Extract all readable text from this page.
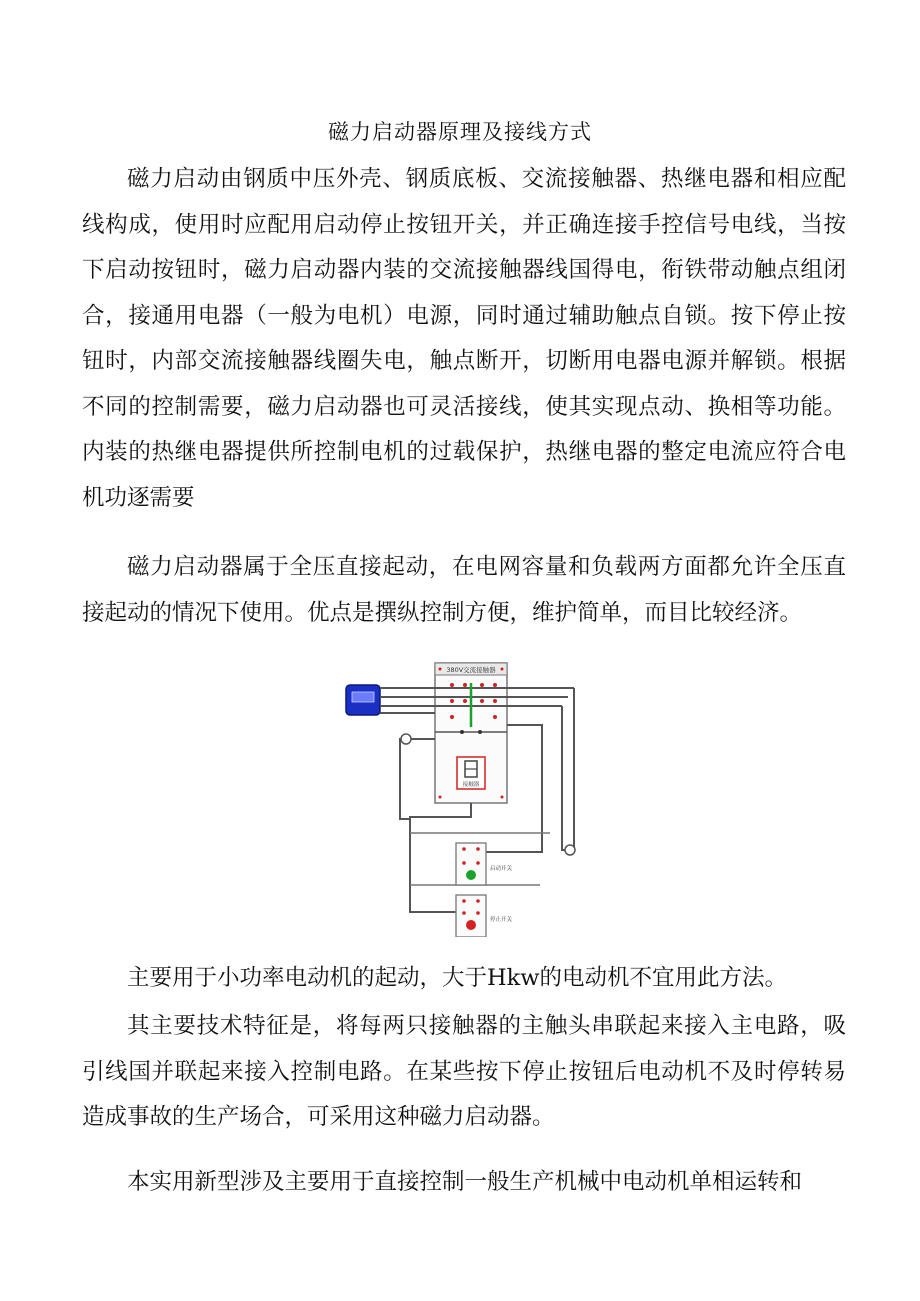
磁力启动器原理及接线方式

磁力启动由钢质中压外壳、钢质底板、交流接触器、热继电器和相应配线构成，使用时应配用启动停止按钮开关，并正确连接手控信号电线，当按下启动按钮时，磁力启动器内装的交流接触器线国得电，衔铁带动触点组闭合，接通用电器（一般为电机）电源，同时通过辅助触点自锁。按下停止按钮时，内部交流接触器线圈失电，触点断开，切断用电器电源并解锁。根据不同的控制需要，磁力启动器也可灵活接线，使其实现点动、换相等功能。内装的热继电器提供所控制电机的过载保护，热继电器的整定电流应符合电机功逐需要

磁力启动器属于全压直接起动，在电网容量和负载两方面都允许全压直接起动的情况下使用。优点是撰纵控制方便，维护简单，而目比较经济。

380V交流接触器
接触器
启动开关
停止开关

主要用于小功率电动机的起动，大于Hkw的电动机不宜用此方法。

其主要技术特征是，将每两只接触器的主触头串联起来接入主电路，吸引线国并联起来接入控制电路。在某些按下停止按钮后电动机不及时停转易造成事故的生产场合，可采用这种磁力启动器。

本实用新型涉及主要用于直接控制一般生产机械中电动机单相运转和
